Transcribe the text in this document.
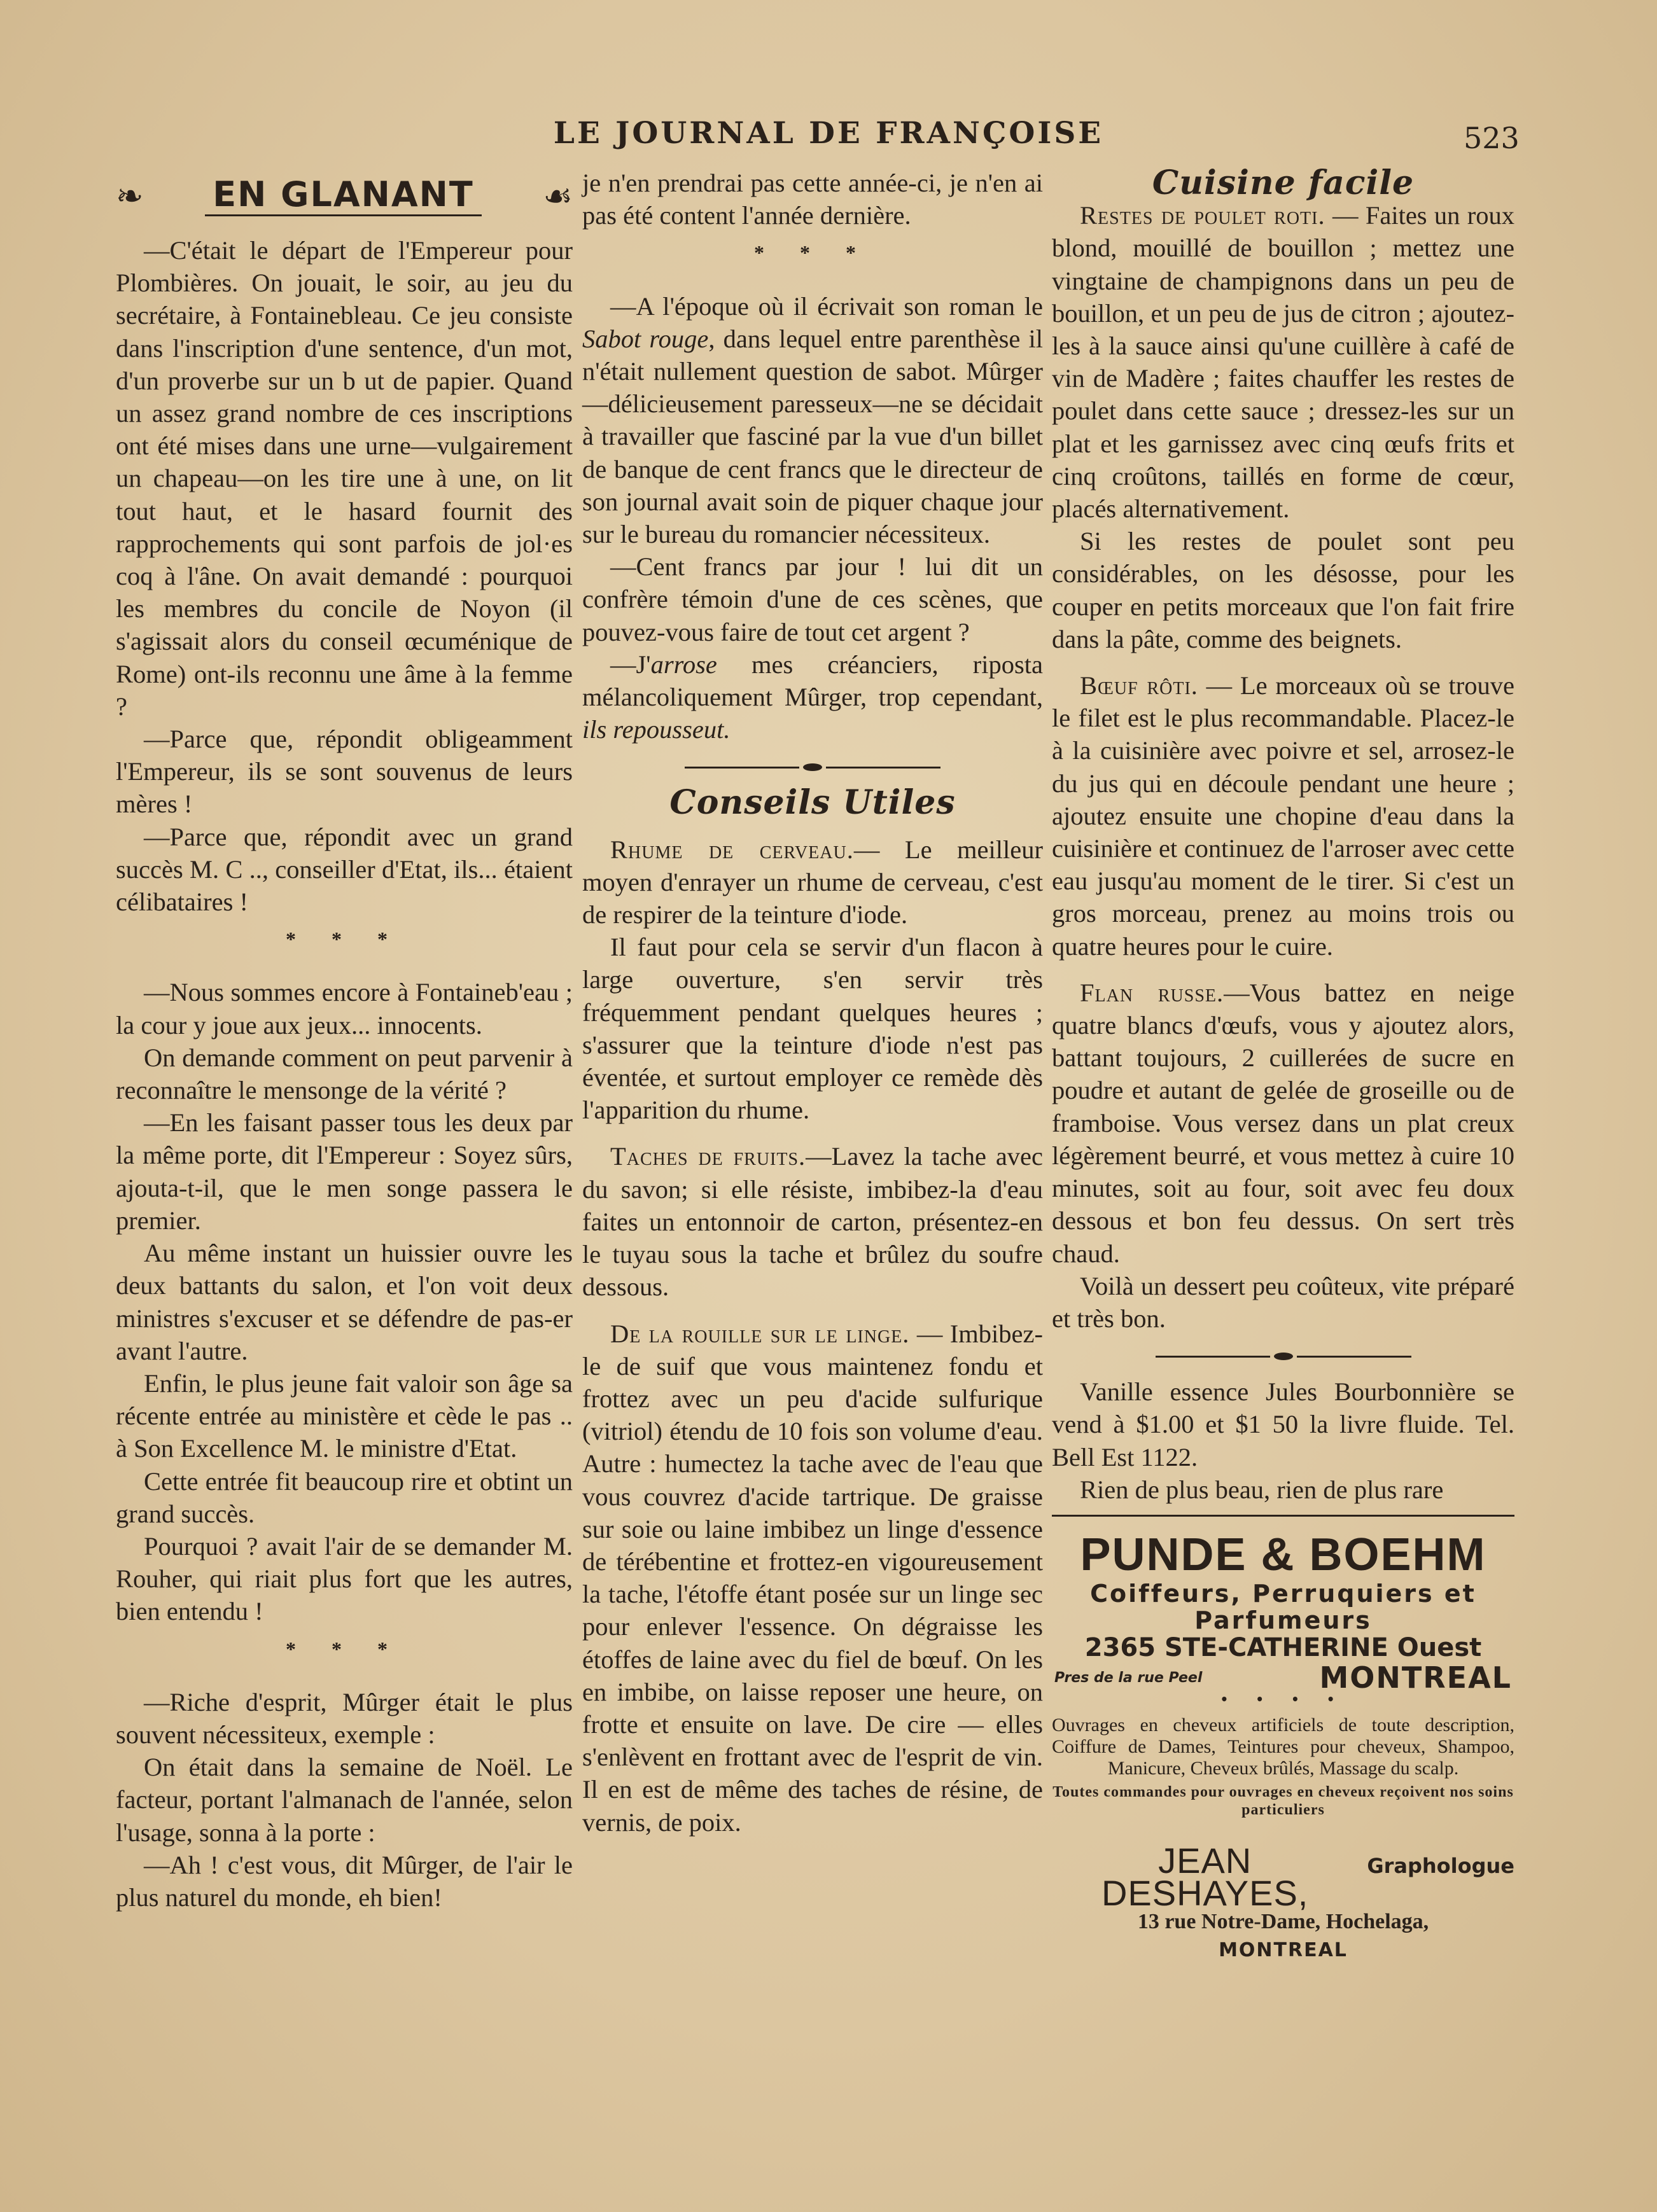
LE JOURNAL DE FRANÇOISE	523
❧ EN GLANANT ☙

—C'était le départ de l'Empereur pour Plombières. On jouait, le soir, au jeu du secrétaire, à Fontainebleau. Ce jeu consiste dans l'inscription d'une sentence, d'un mot, d'un proverbe sur un b ut de papier. Quand un assez grand nombre de ces inscriptions ont été mises dans une urne—vulgairement un chapeau—on les tire une à une, on lit tout haut, et le hasard fournit des rapprochements qui sont parfois de jol·es coq à l'âne. On avait demandé : pourquoi les membres du concile de Noyon (il s'agissait alors du conseil œcuménique de Rome) ont-ils reconnu une âme à la femme ?

—Parce que, répondit obligeamment l'Empereur, ils se sont souvenus de leurs mères !

—Parce que, répondit avec un grand succès M. C .., conseiller d'Etat, ils... étaient célibataires !

* * *

—Nous sommes encore à Fontaineb'eau ; la cour y joue aux jeux... innocents.

On demande comment on peut parvenir à reconnaître le mensonge de la vérité ?

—En les faisant passer tous les deux par la même porte, dit l'Empereur : Soyez sûrs, ajouta-t-il, que le men songe passera le premier.

Au même instant un huissier ouvre les deux battants du salon, et l'on voit deux ministres s'excuser et se défendre de pas-er avant l'autre.

Enfin, le plus jeune fait valoir son âge sa récente entrée au ministère et cède le pas .. à Son Excellence M. le ministre d'Etat.

Cette entrée fit beaucoup rire et obtint un grand succès.

Pourquoi ? avait l'air de se demander M. Rouher, qui riait plus fort que les autres, bien entendu !

* * *

—Riche d'esprit, Mûrger était le plus souvent nécessiteux, exemple :

On était dans la semaine de Noël. Le facteur, portant l'almanach de l'année, selon l'usage, sonna à la porte :

—Ah ! c'est vous, dit Mûrger, de l'air le plus naturel du monde, eh bien!

je n'en prendrai pas cette année-ci, je n'en ai pas été content l'année dernière.

* * *

—A l'époque où il écrivait son roman le Sabot rouge, dans lequel entre parenthèse il n'était nullement question de sabot. Mûrger—délicieusement paresseux—ne se décidait à travailler que fasciné par la vue d'un billet de banque de cent francs que le directeur de son journal avait soin de piquer chaque jour sur le bureau du romancier nécessiteux.

—Cent francs par jour ! lui dit un confrère témoin d'une de ces scènes, que pouvez-vous faire de tout cet argent ?

—J'arrose mes créanciers, riposta mélancoliquement Mûrger, trop cependant, ils repousseut.

Conseils Utiles

Rhume de cerveau.— Le meilleur moyen d'enrayer un rhume de cerveau, c'est de respirer de la teinture d'iode.

Il faut pour cela se servir d'un flacon à large ouverture, s'en servir très fréquemment pendant quelques heures ; s'assurer que la teinture d'iode n'est pas éventée, et surtout employer ce remède dès l'apparition du rhume.

Taches de fruits.—Lavez la tache avec du savon; si elle résiste, imbibez-la d'eau faites un entonnoir de carton, présentez-en le tuyau sous la tache et brûlez du soufre dessous.

De la rouille sur le linge. — Imbibez-le de suif que vous maintenez fondu et frottez avec un peu d'acide sulfurique (vitriol) étendu de 10 fois son volume d'eau. Autre : humectez la tache avec de l'eau que vous couvrez d'acide tartrique. De graisse sur soie ou laine imbibez un linge d'essence de térébentine et frottez-en vigoureusement la tache, l'étoffe étant posée sur un linge sec pour enlever l'essence. On dégraisse les étoffes de laine avec du fiel de bœuf. On les en imbibe, on laisse reposer une heure, on frotte et ensuite on lave. De cire — elles s'enlèvent en frottant avec de l'esprit de vin. Il en est de même des taches de résine, de vernis, de poix.

Cuisine facile

Restes de poulet roti. — Faites un roux blond, mouillé de bouillon ; mettez une vingtaine de champignons dans un peu de bouillon, et un peu de jus de citron ; ajoutez-les à la sauce ainsi qu'une cuillère à café de vin de Madère ; faites chauffer les restes de poulet dans cette sauce ; dressez-les sur un plat et les garnissez avec cinq œufs frits et cinq croûtons, taillés en forme de cœur, placés alternativement.

Si les restes de poulet sont peu considérables, on les désosse, pour les couper en petits morceaux que l'on fait frire dans la pâte, comme des beignets.

Bœuf rôti. — Le morceaux où se trouve le filet est le plus recommandable. Placez-le à la cuisinière avec poivre et sel, arrosez-le du jus qui en découle pendant une heure ; ajoutez ensuite une chopine d'eau dans la cuisinière et continuez de l'arroser avec cette eau jusqu'au moment de le tirer. Si c'est un gros morceau, prenez au moins trois ou quatre heures pour le cuire.

Flan russe.—Vous battez en neige quatre blancs d'œufs, vous y ajoutez alors, battant toujours, 2 cuillerées de sucre en poudre et autant de gelée de groseille ou de framboise. Vous versez dans un plat creux légèrement beurré, et vous mettez à cuire 10 minutes, soit au four, soit avec feu doux dessous et bon feu dessus. On sert très chaud.

Voilà un dessert peu coûteux, vite préparé et très bon.

Vanille essence Jules Bourbonnière se vend à $1.00 et $1 50 la livre fluide. Tel. Bell Est 1122.

Rien de plus beau, rien de plus rare

PUNDE & BOEHM
Coiffeurs, Perruquiers et
Parfumeurs
2365 STE-CATHERINE Ouest
Pres de la rue Peel	MONTREAL
• • • •
Ouvrages en cheveux artificiels de toute description, Coiffure de Dames, Teintures pour cheveux, Shampoo, Manicure, Cheveux brûlés, Massage du scalp.
Toutes commandes pour ouvrages en cheveux reçoivent nos soins particuliers
JEAN DESHAYES,
Graphologue
13 rue Notre-Dame, Hochelaga,
MONTREAL
